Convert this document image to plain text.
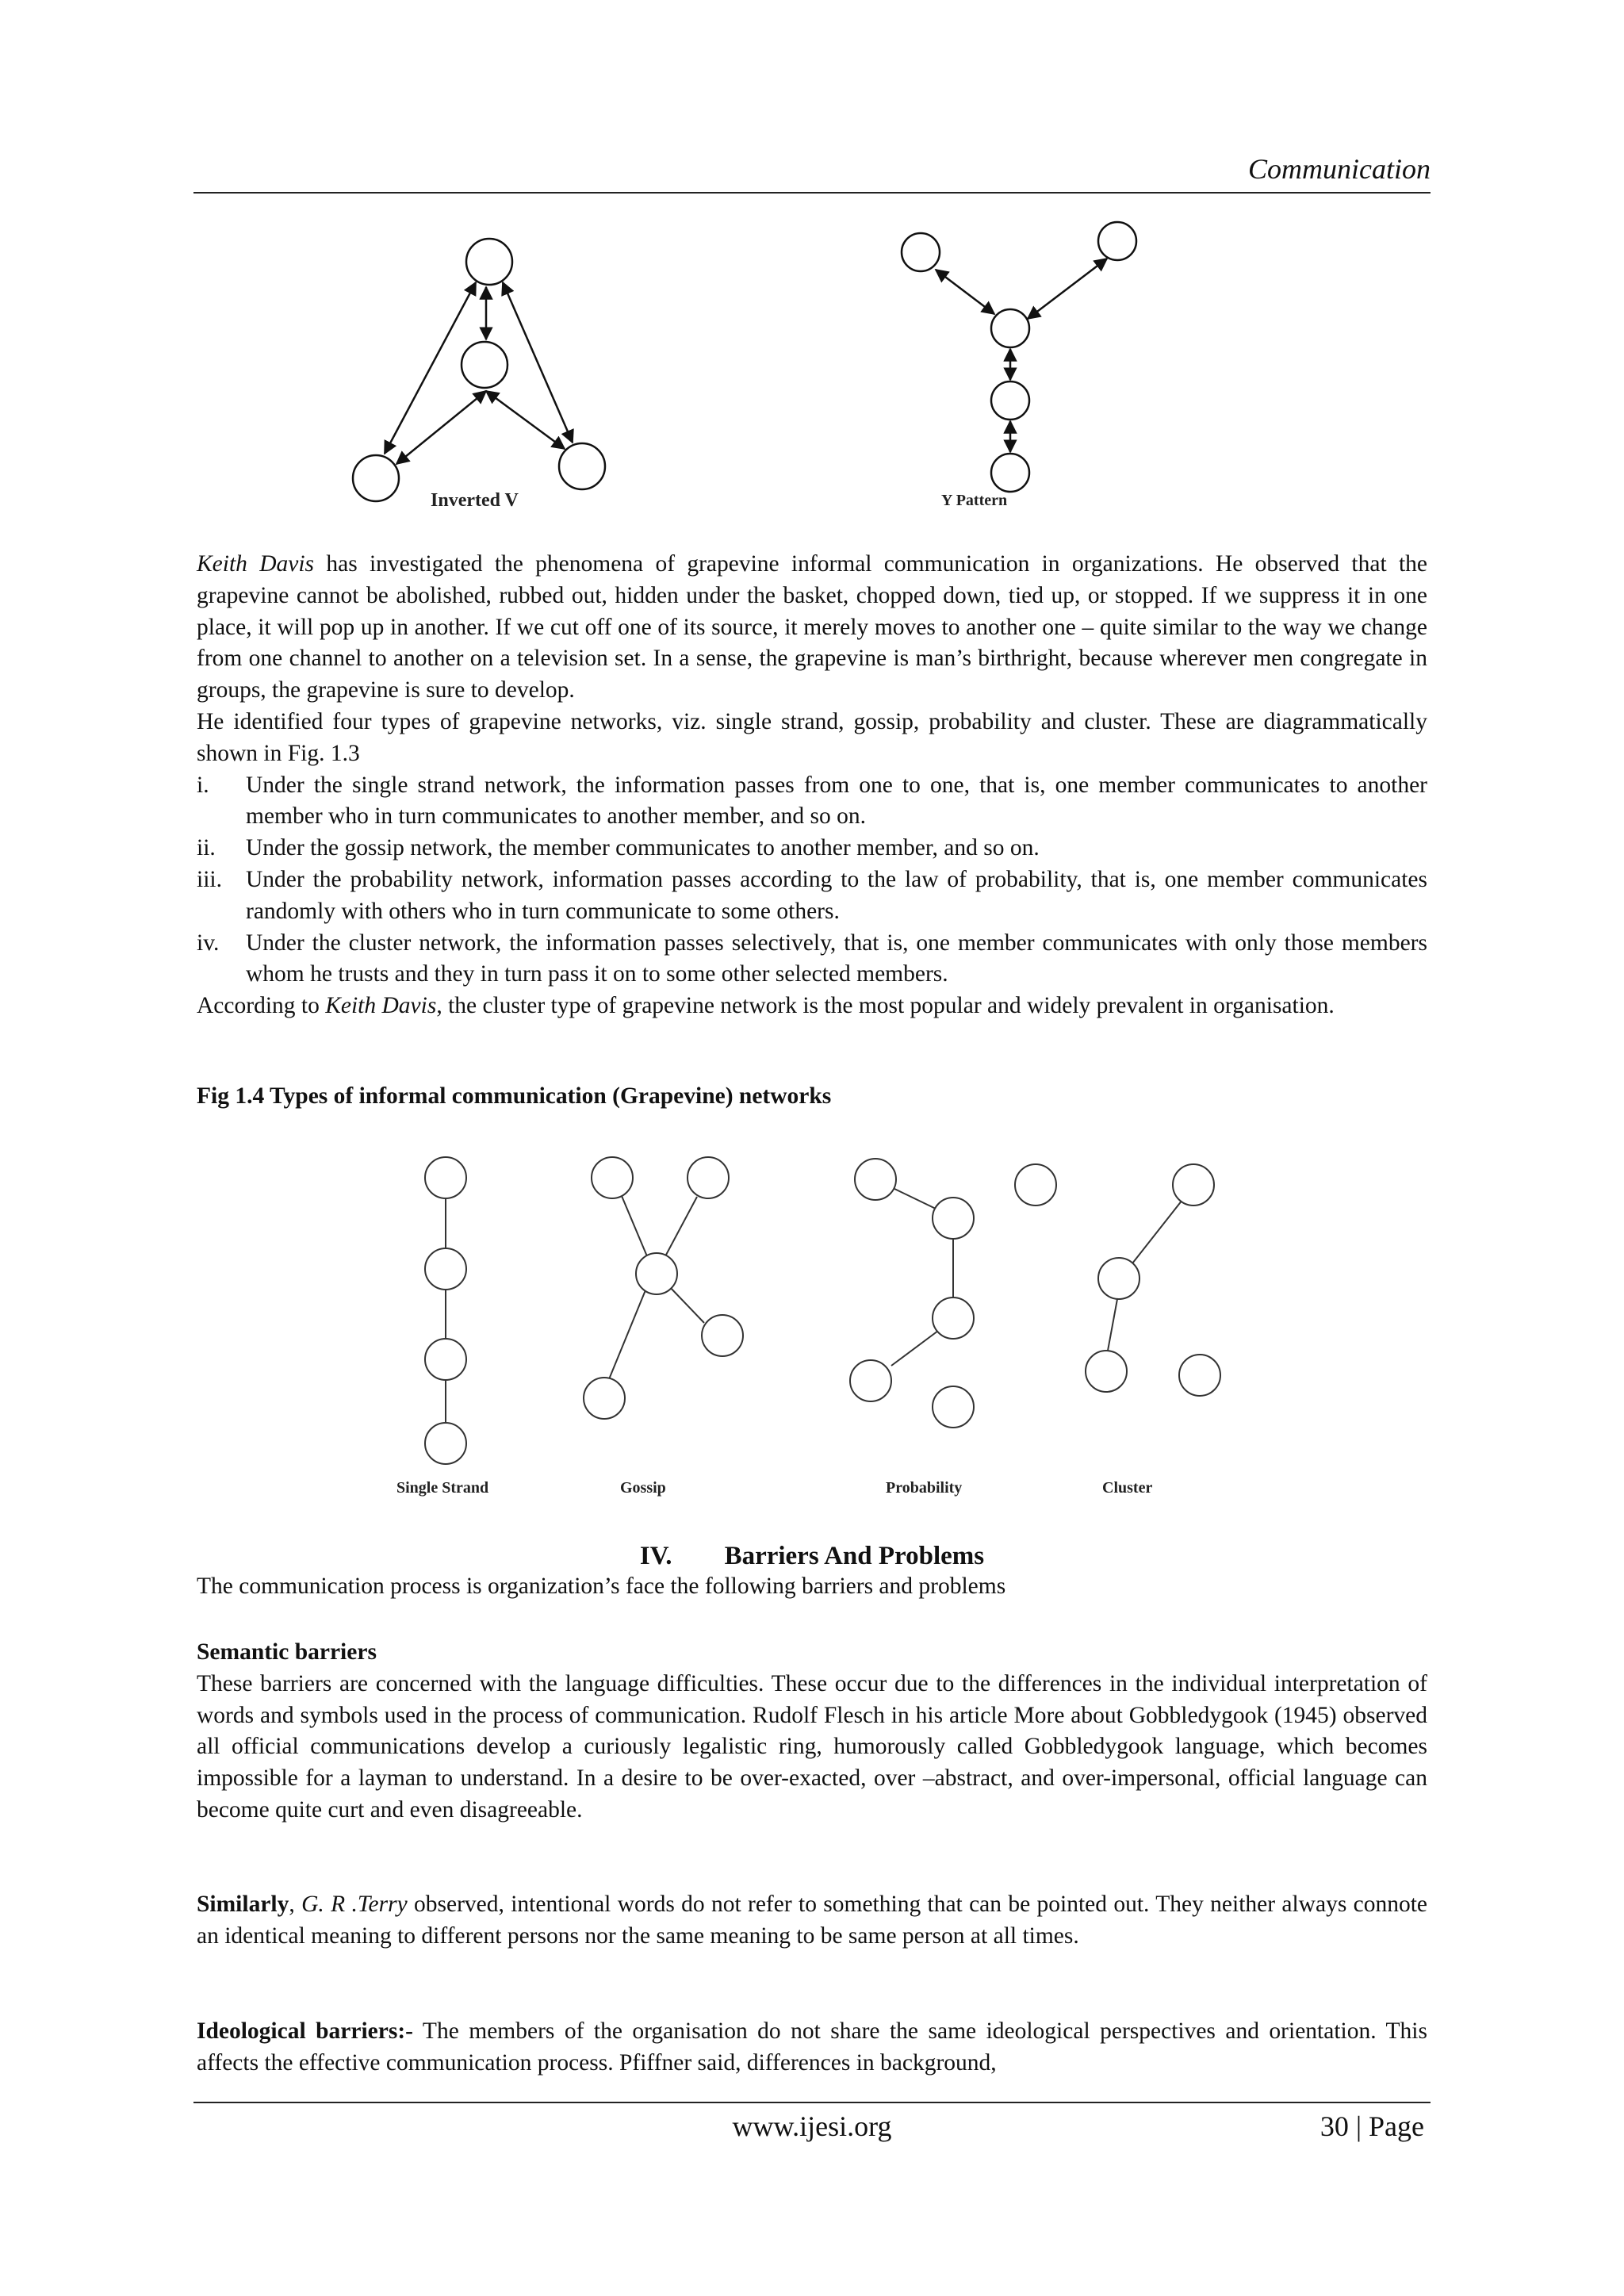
Communication
Inverted V	Y Pattern

Keith Davis has investigated the phenomena of grapevine informal communication in organizations. He observed that the grapevine cannot be abolished, rubbed out, hidden under the basket, chopped down, tied up, or stopped. If we suppress it in one place, it will pop up in another. If we cut off one of its source, it merely moves to another one – quite similar to the way we change from one channel to another on a television set. In a sense, the grapevine is man’s birthright, because wherever men congregate in groups, the grapevine is sure to develop.

He identified four types of grapevine networks, viz. single strand, gossip, probability and cluster. These are diagrammatically shown in Fig. 1.3

i. Under the single strand network, the information passes from one to one, that is, one member communicates to another member who in turn communicates to another member, and so on.
ii. Under the gossip network, the member communicates to another member, and so on.
iii. Under the probability network, information passes according to the law of probability, that is, one member communicates randomly with others who in turn communicate to some others.
iv. Under the cluster network, the information passes selectively, that is, one member communicates with only those members whom he trusts and they in turn pass it on to some other selected members.

According to Keith Davis, the cluster type of grapevine network is the most popular and widely prevalent in organisation.

Fig 1.4 Types of informal communication (Grapevine) networks
Single Strand	Gossip	Probability	Cluster
IV. Barriers And Problems
The communication process is organization’s face the following barriers and problems

Semantic barriers

These barriers are concerned with the language difficulties. These occur due to the differences in the individual interpretation of words and symbols used in the process of communication. Rudolf Flesch in his article More about Gobbledygook (1945) observed all official communications develop a curiously legalistic ring, humorously called Gobbledygook language, which becomes impossible for a layman to understand. In a desire to be over-exacted, over –abstract, and over-impersonal, official language can become quite curt and even disagreeable.

Similarly, G. R .Terry observed, intentional words do not refer to something that can be pointed out. They neither always connote an identical meaning to different persons nor the same meaning to be same person at all times.

Ideological barriers:- The members of the organisation do not share the same ideological perspectives and orientation. This affects the effective communication process. Pfiffner said, differences in background,

www.ijesi.org	30 | Page
